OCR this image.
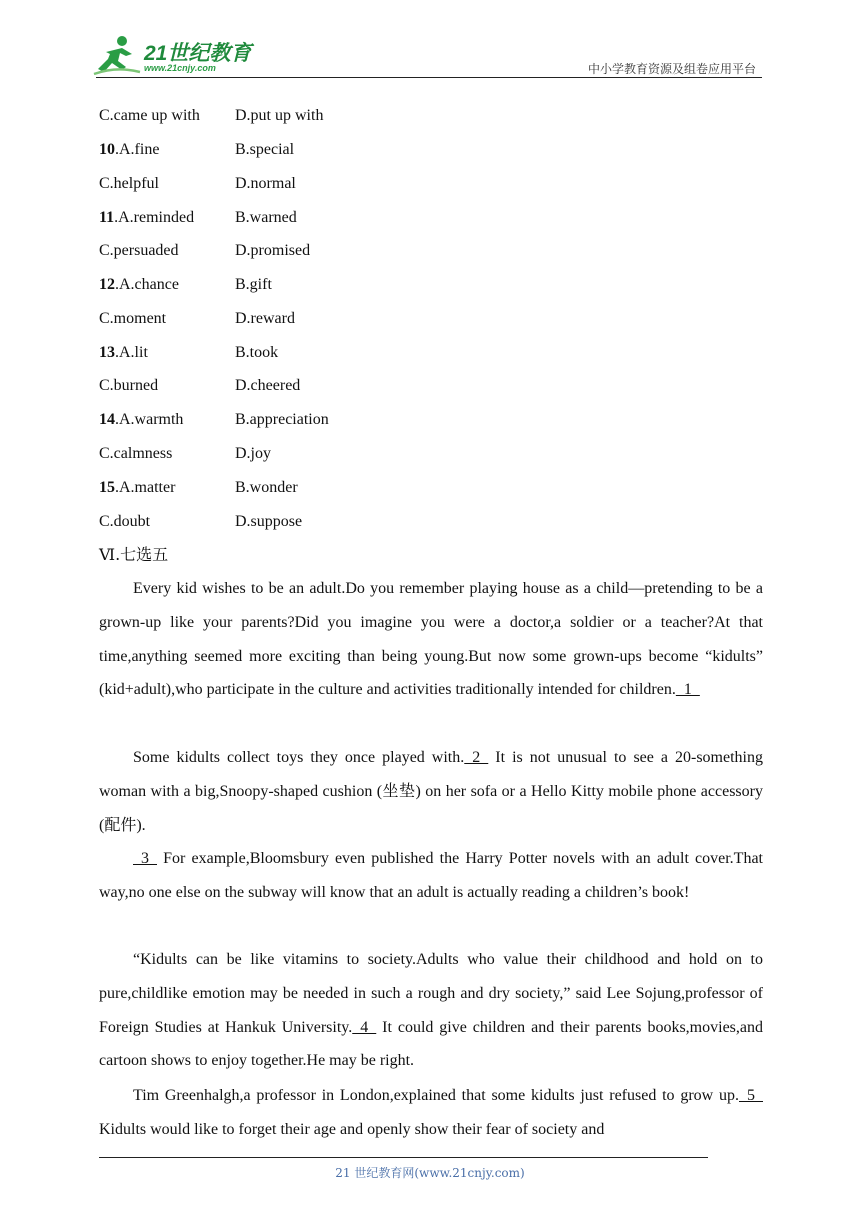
21世纪教育
www.21cnjy.com	中小学教育资源及组卷应用平台
C.came up with D.put up with
10.A.fine	B.special
C.helpful	D.normal
11.A.reminded	B.warned
C.persuaded	D.promised
12.A.chance	B.gift
C.moment	D.reward
13.A.lit	B.took
C.burned	D.cheered
14.A.warmth	B.appreciation
C.calmness	D.joy
15.A.matter	B.wonder
C.doubt	D.suppose
Ⅵ.七选五
Every kid wishes to be an adult.Do you remember playing house as a child—pretending to be a grown-up like your parents?Did you imagine you were a doctor,a soldier or a teacher?At that time,anything seemed more exciting than being young.But now some grown-ups become “kidults” (kid+adult),who participate in the culture and activities traditionally intended for children.  1
Some kidults collect toys they once played with.  2   It is not unusual to see a 20-something woman with a big,Snoopy-shaped cushion (坐垫) on her sofa or a Hello Kitty mobile phone accessory (配件).
3   For example,Bloomsbury even published the Harry Potter novels with an adult cover.That way,no one else on the subway will know that an adult is actually reading a children’s book!
“Kidults can be like vitamins to society.Adults who value their childhood and hold on to pure,childlike emotion may be needed in such a rough and dry society,” said Lee Sojung,professor of Foreign Studies at Hankuk University.  4   It could give children and their parents books,movies,and cartoon shows to enjoy together.He may be right.
Tim Greenhalgh,a professor in London,explained that some kidults just refused to grow up.  5   Kidults would like to forget their age and openly show their fear of society and
21 世纪教育网(www.21cnjy.com)
